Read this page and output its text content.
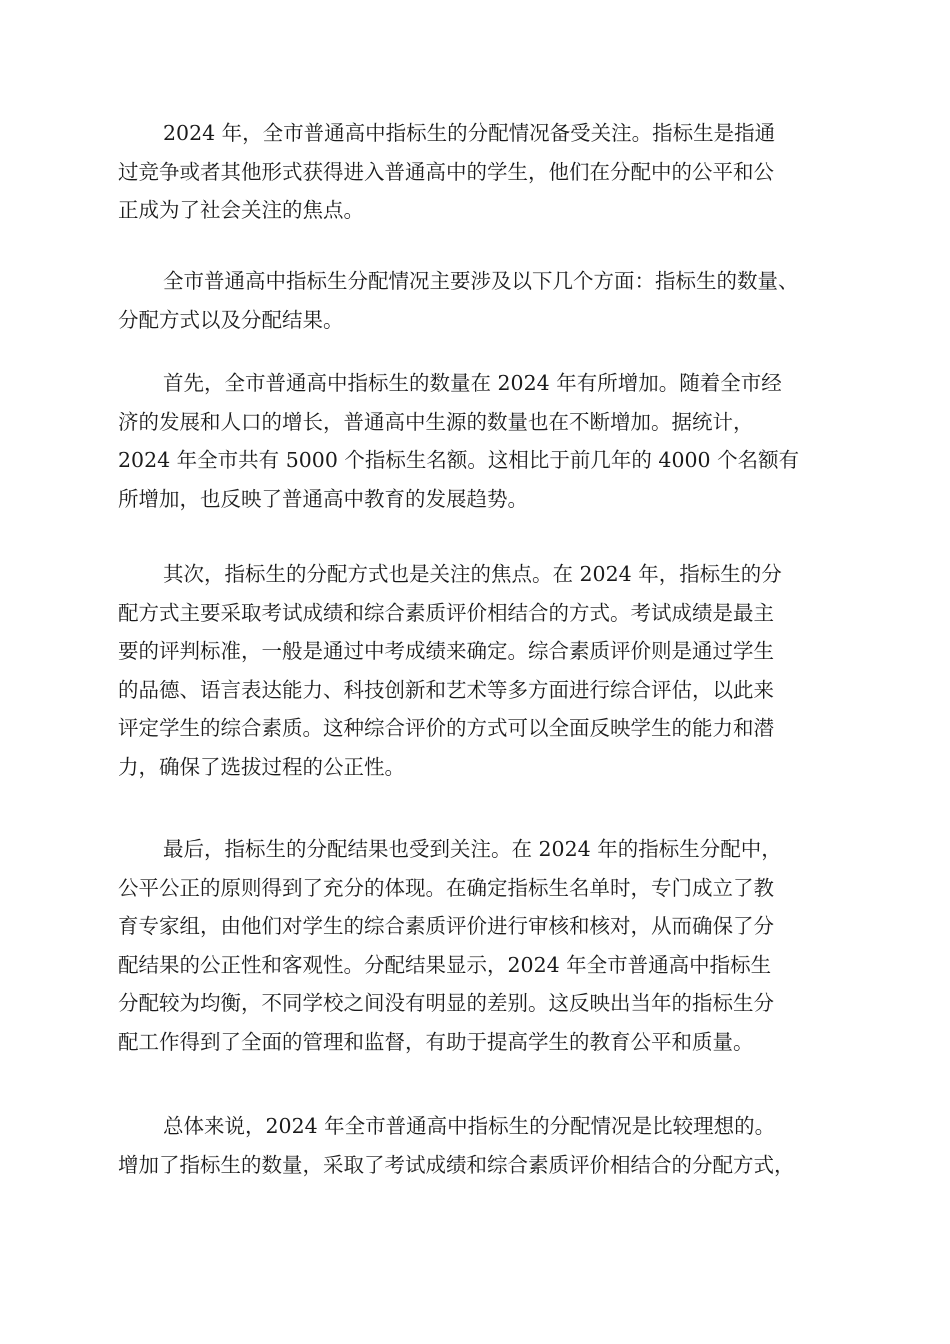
2024 年，全市普通高中指标生的分配情况备受关注。指标生是指通
过竞争或者其他形式获得进入普通高中的学生，他们在分配中的公平和公
正成为了社会关注的焦点。
全市普通高中指标生分配情况主要涉及以下几个方面：指标生的数量、
分配方式以及分配结果。
首先，全市普通高中指标生的数量在 2024 年有所增加。随着全市经
济的发展和人口的增长，普通高中生源的数量也在不断增加。据统计，
2024 年全市共有 5000 个指标生名额。这相比于前几年的 4000 个名额有
所增加，也反映了普通高中教育的发展趋势。
其次，指标生的分配方式也是关注的焦点。在 2024 年，指标生的分
配方式主要采取考试成绩和综合素质评价相结合的方式。考试成绩是最主
要的评判标准，一般是通过中考成绩来确定。综合素质评价则是通过学生
的品德、语言表达能力、科技创新和艺术等多方面进行综合评估，以此来
评定学生的综合素质。这种综合评价的方式可以全面反映学生的能力和潜
力，确保了选拔过程的公正性。
最后，指标生的分配结果也受到关注。在 2024 年的指标生分配中，
公平公正的原则得到了充分的体现。在确定指标生名单时，专门成立了教
育专家组，由他们对学生的综合素质评价进行审核和核对，从而确保了分
配结果的公正性和客观性。分配结果显示，2024 年全市普通高中指标生
分配较为均衡，不同学校之间没有明显的差别。这反映出当年的指标生分
配工作得到了全面的管理和监督，有助于提高学生的教育公平和质量。
总体来说，2024 年全市普通高中指标生的分配情况是比较理想的。
增加了指标生的数量，采取了考试成绩和综合素质评价相结合的分配方式，
